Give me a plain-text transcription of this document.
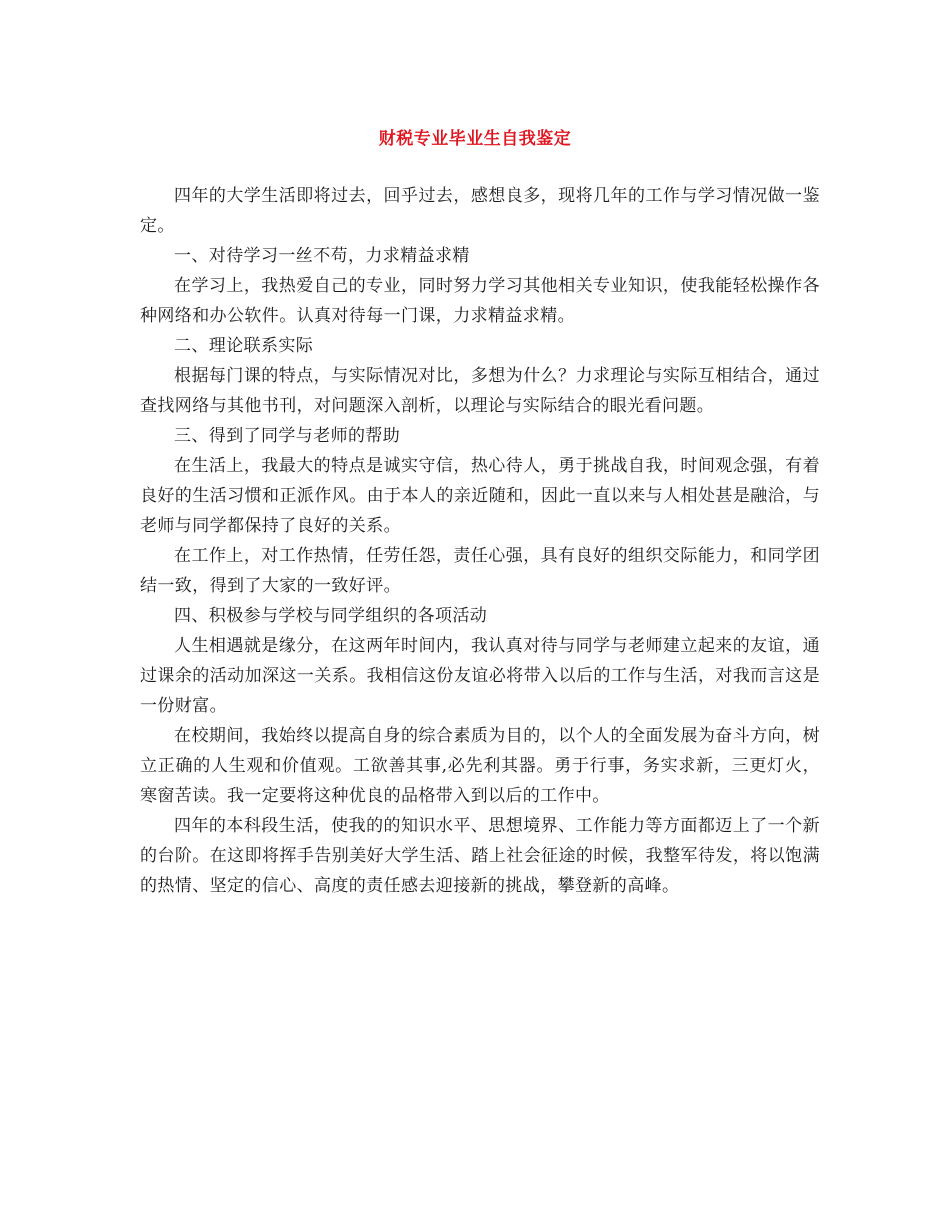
财税专业毕业生自我鉴定

四年的大学生活即将过去，回乎过去，感想良多，现将几年的工作与学习情况做一鉴定。

一、对待学习一丝不苟，力求精益求精

在学习上，我热爱自己的专业，同时努力学习其他相关专业知识，使我能轻松操作各种网络和办公软件。认真对待每一门课，力求精益求精。

二、理论联系实际

根据每门课的特点，与实际情况对比，多想为什么？力求理论与实际互相结合，通过查找网络与其他书刊，对问题深入剖析，以理论与实际结合的眼光看问题。

三、得到了同学与老师的帮助

在生活上，我最大的特点是诚实守信，热心待人，勇于挑战自我，时间观念强，有着良好的生活习惯和正派作风。由于本人的亲近随和，因此一直以来与人相处甚是融洽，与老师与同学都保持了良好的关系。

在工作上，对工作热情，任劳任怨，责任心强，具有良好的组织交际能力，和同学团结一致，得到了大家的一致好评。

四、积极参与学校与同学组织的各项活动

人生相遇就是缘分，在这两年时间内，我认真对待与同学与老师建立起来的友谊，通过课余的活动加深这一关系。我相信这份友谊必将带入以后的工作与生活，对我而言这是一份财富。

在校期间，我始终以提高自身的综合素质为目的，以个人的全面发展为奋斗方向，树立正确的人生观和价值观。工欲善其事,必先利其器。勇于行事，务实求新，三更灯火，寒窗苦读。我一定要将这种优良的品格带入到以后的工作中。

四年的本科段生活，使我的的知识水平、思想境界、工作能力等方面都迈上了一个新的台阶。在这即将挥手告别美好大学生活、踏上社会征途的时候，我整军待发，将以饱满的热情、坚定的信心、高度的责任感去迎接新的挑战，攀登新的高峰。
